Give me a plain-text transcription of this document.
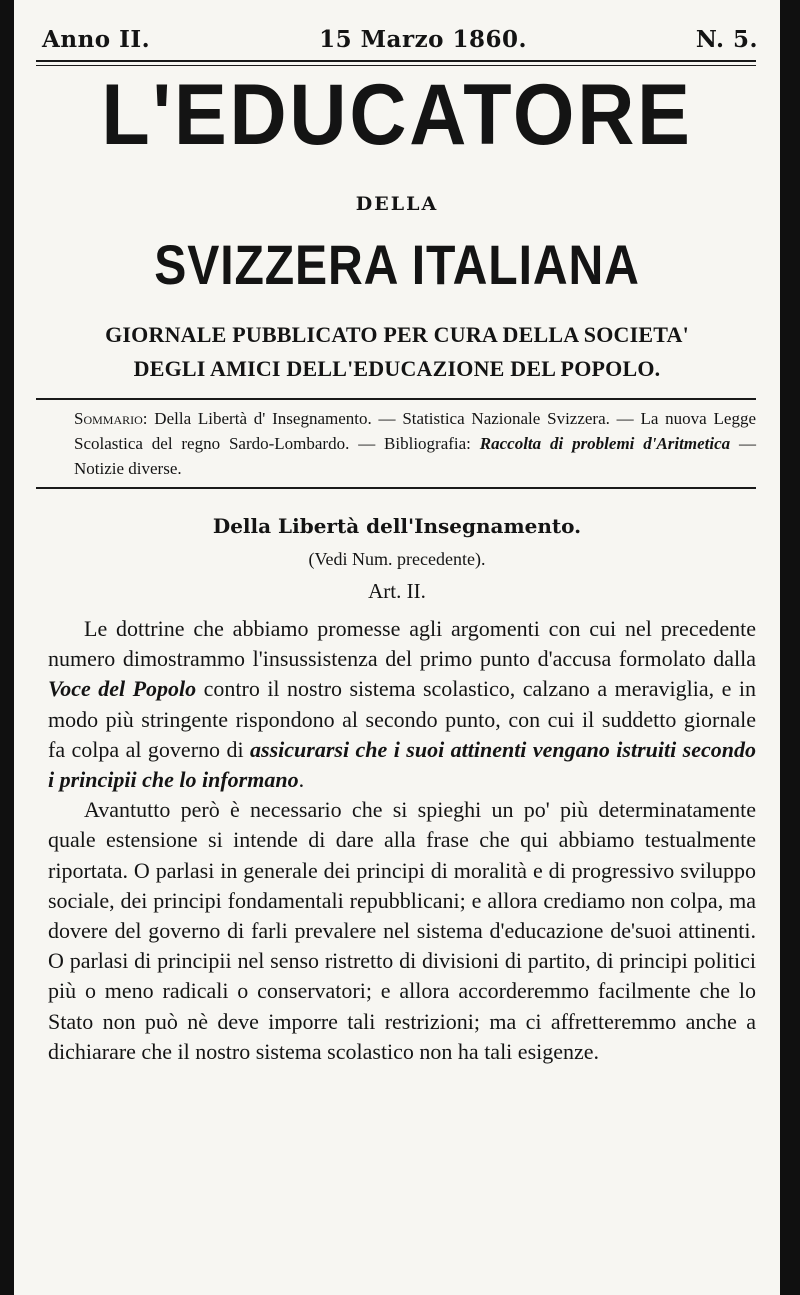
Anno II.	15 Marzo 1860.	N. 5.
L'EDUCATORE
DELLA
SVIZZERA ITALIANA
GIORNALE PUBBLICATO PER CURA DELLA SOCIETA'
DEGLI AMICI DELL'EDUCAZIONE DEL POPOLO.
Sommario: Della Libertà d' Insegnamento. — Statistica Nazionale Svizzera. — La nuova Legge Scolastica del regno Sardo-Lombardo. — Bibliografia: Raccolta di problemi d'Aritmetica — Notizie diverse.
Della Libertà dell'Insegnamento.
(Vedi Num. precedente).
Art. II.

Le dottrine che abbiamo promesse agli argomenti con cui nel precedente numero dimostrammo l'insussistenza del primo punto d'accusa formolato dalla Voce del Popolo contro il nostro sistema scolastico, calzano a meraviglia, e in modo più stringente rispondono al secondo punto, con cui il suddetto giornale fa colpa al governo di assicurarsi che i suoi attinenti vengano istruiti secondo i principii che lo informano.

Avantutto però è necessario che si spieghi un po' più determinatamente quale estensione si intende di dare alla frase che qui abbiamo testualmente riportata. O parlasi in generale dei principi di moralità e di progressivo sviluppo sociale, dei principi fondamentali repubblicani; e allora crediamo non colpa, ma dovere del governo di farli prevalere nel sistema d'educazione de'suoi attinenti. O parlasi di principii nel senso ristretto di divisioni di partito, di principi politici più o meno radicali o conservatori; e allora accorderemmo facilmente che lo Stato non può nè deve imporre tali restrizioni; ma ci affretteremmo anche a dichiarare che il nostro sistema scolastico non ha tali esigenze.
